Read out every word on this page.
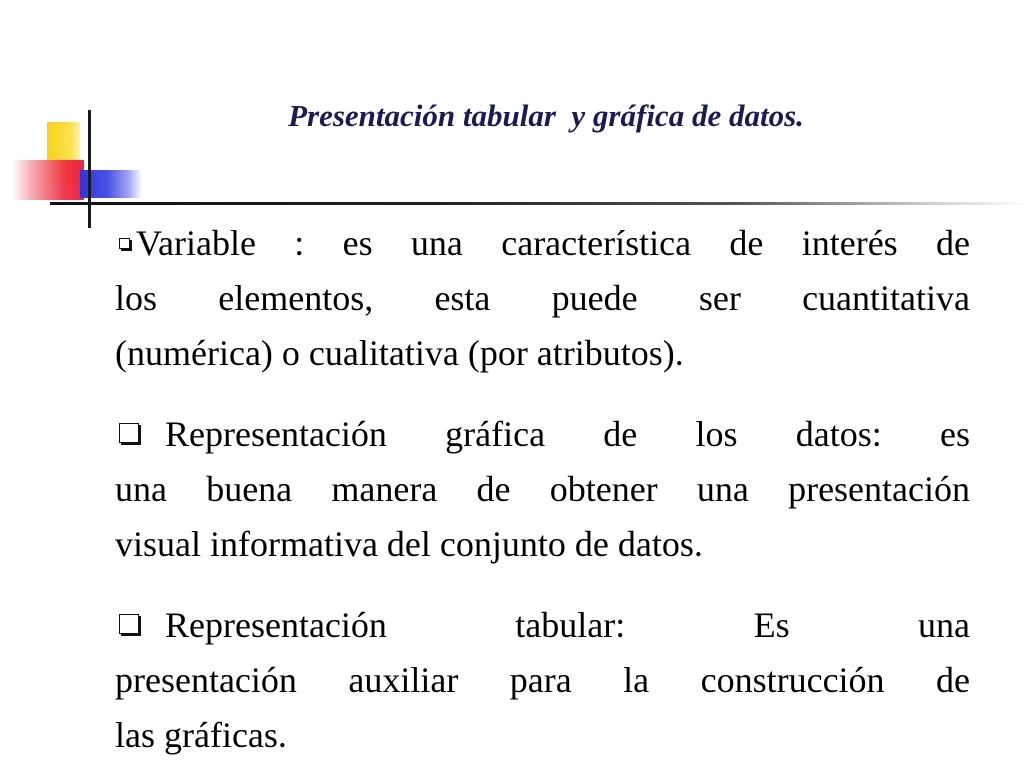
Presentación tabular  y gráfica de datos.
Variable : es una característica de interés de
los elementos, esta puede ser cuantitativa
(numérica) o cualitativa (por atributos).
Representación gráfica de los datos: es
una buena manera de obtener una presentación
visual informativa del conjunto de datos.
Representación tabular: Es una
presentación auxiliar para la construcción de
las gráficas.
